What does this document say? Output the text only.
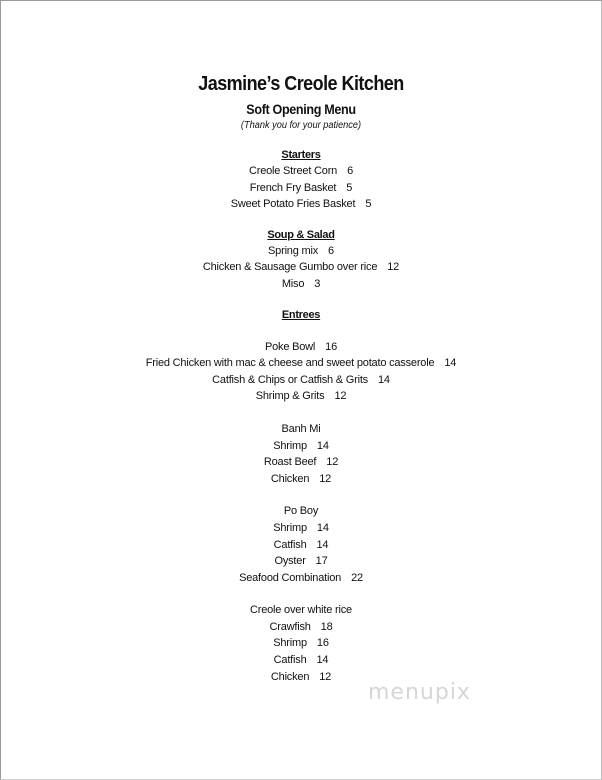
Jasmine’s Creole Kitchen
Soft Opening Menu
(Thank you for your patience)
Starters
Creole Street Corn 6
French Fry Basket 5
Sweet Potato Fries Basket 5
Soup & Salad
Spring mix 6
Chicken & Sausage Gumbo over rice 12
Miso 3
Entrees
Poke Bowl 16
Fried Chicken with mac & cheese and sweet potato casserole 14
Catfish & Chips or Catfish & Grits 14
Shrimp & Grits 12
Banh Mi
Shrimp 14
Roast Beef 12
Chicken 12
Po Boy
Shrimp 14
Catfish 14
Oyster 17
Seafood Combination 22
Creole over white rice
Crawfish 18
Shrimp 16
Catfish 14
Chicken 12
menupix
